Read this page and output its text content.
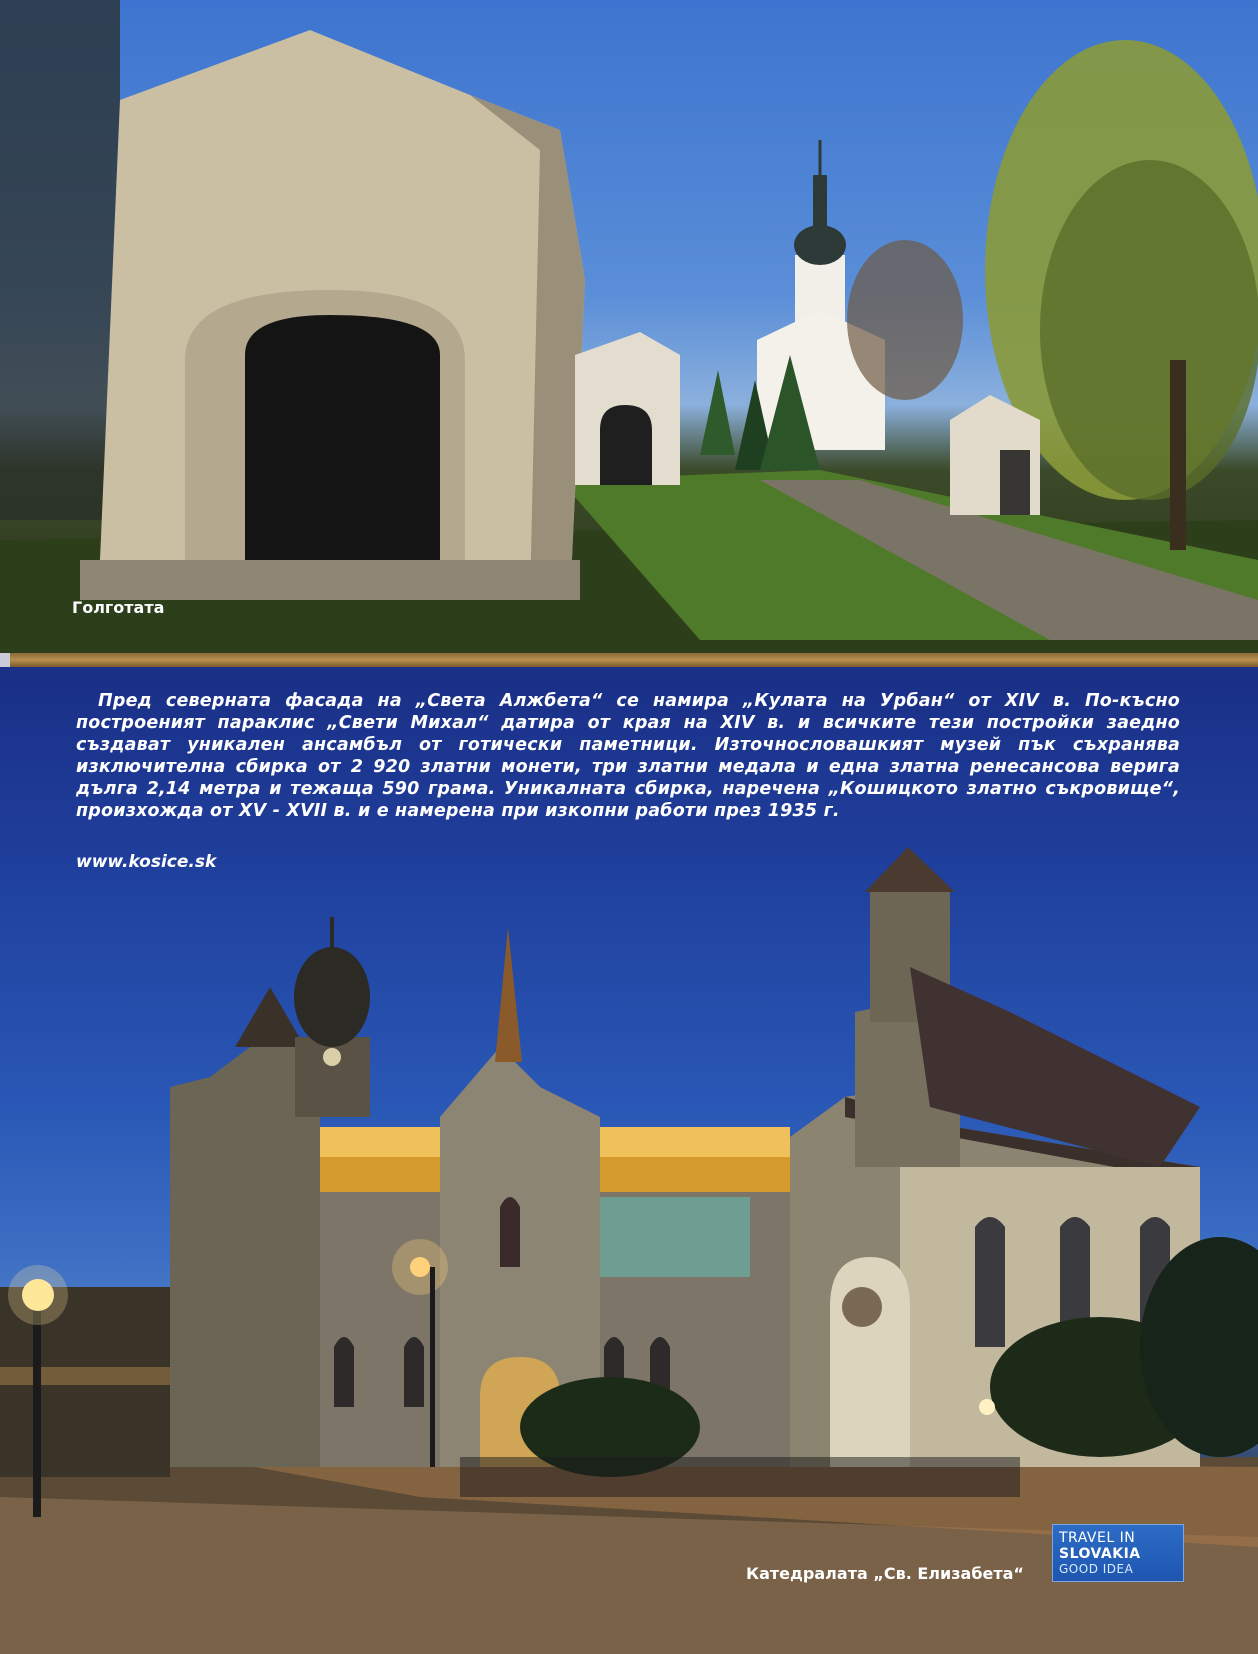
Голготата
Пред северната фасада на „Света Алжбета“ се намира „Кулата на Урбан“ от XIV в. По-късно построеният параклис „Свети Михал“ датира от края на XIV в. и всичките тези постройки заедно създават уникален ансамбъл от готически паметници. Източнословашкият музей пък съхранява изключителна сбирка от 2 920 златни монети, три златни медала и една златна ренесансова верига дълга 2,14 метра и тежаща 590 грама. Уникалната сбирка, наречена „Кошицкото златно съкровище“, произхожда от XV - XVII в. и е намерена при изкопни работи през 1935 г.
www.kosice.sk
Катедралата „Св. Елизабета“
TRAVEL IN
SLOVAKIA
GOOD IDEA
